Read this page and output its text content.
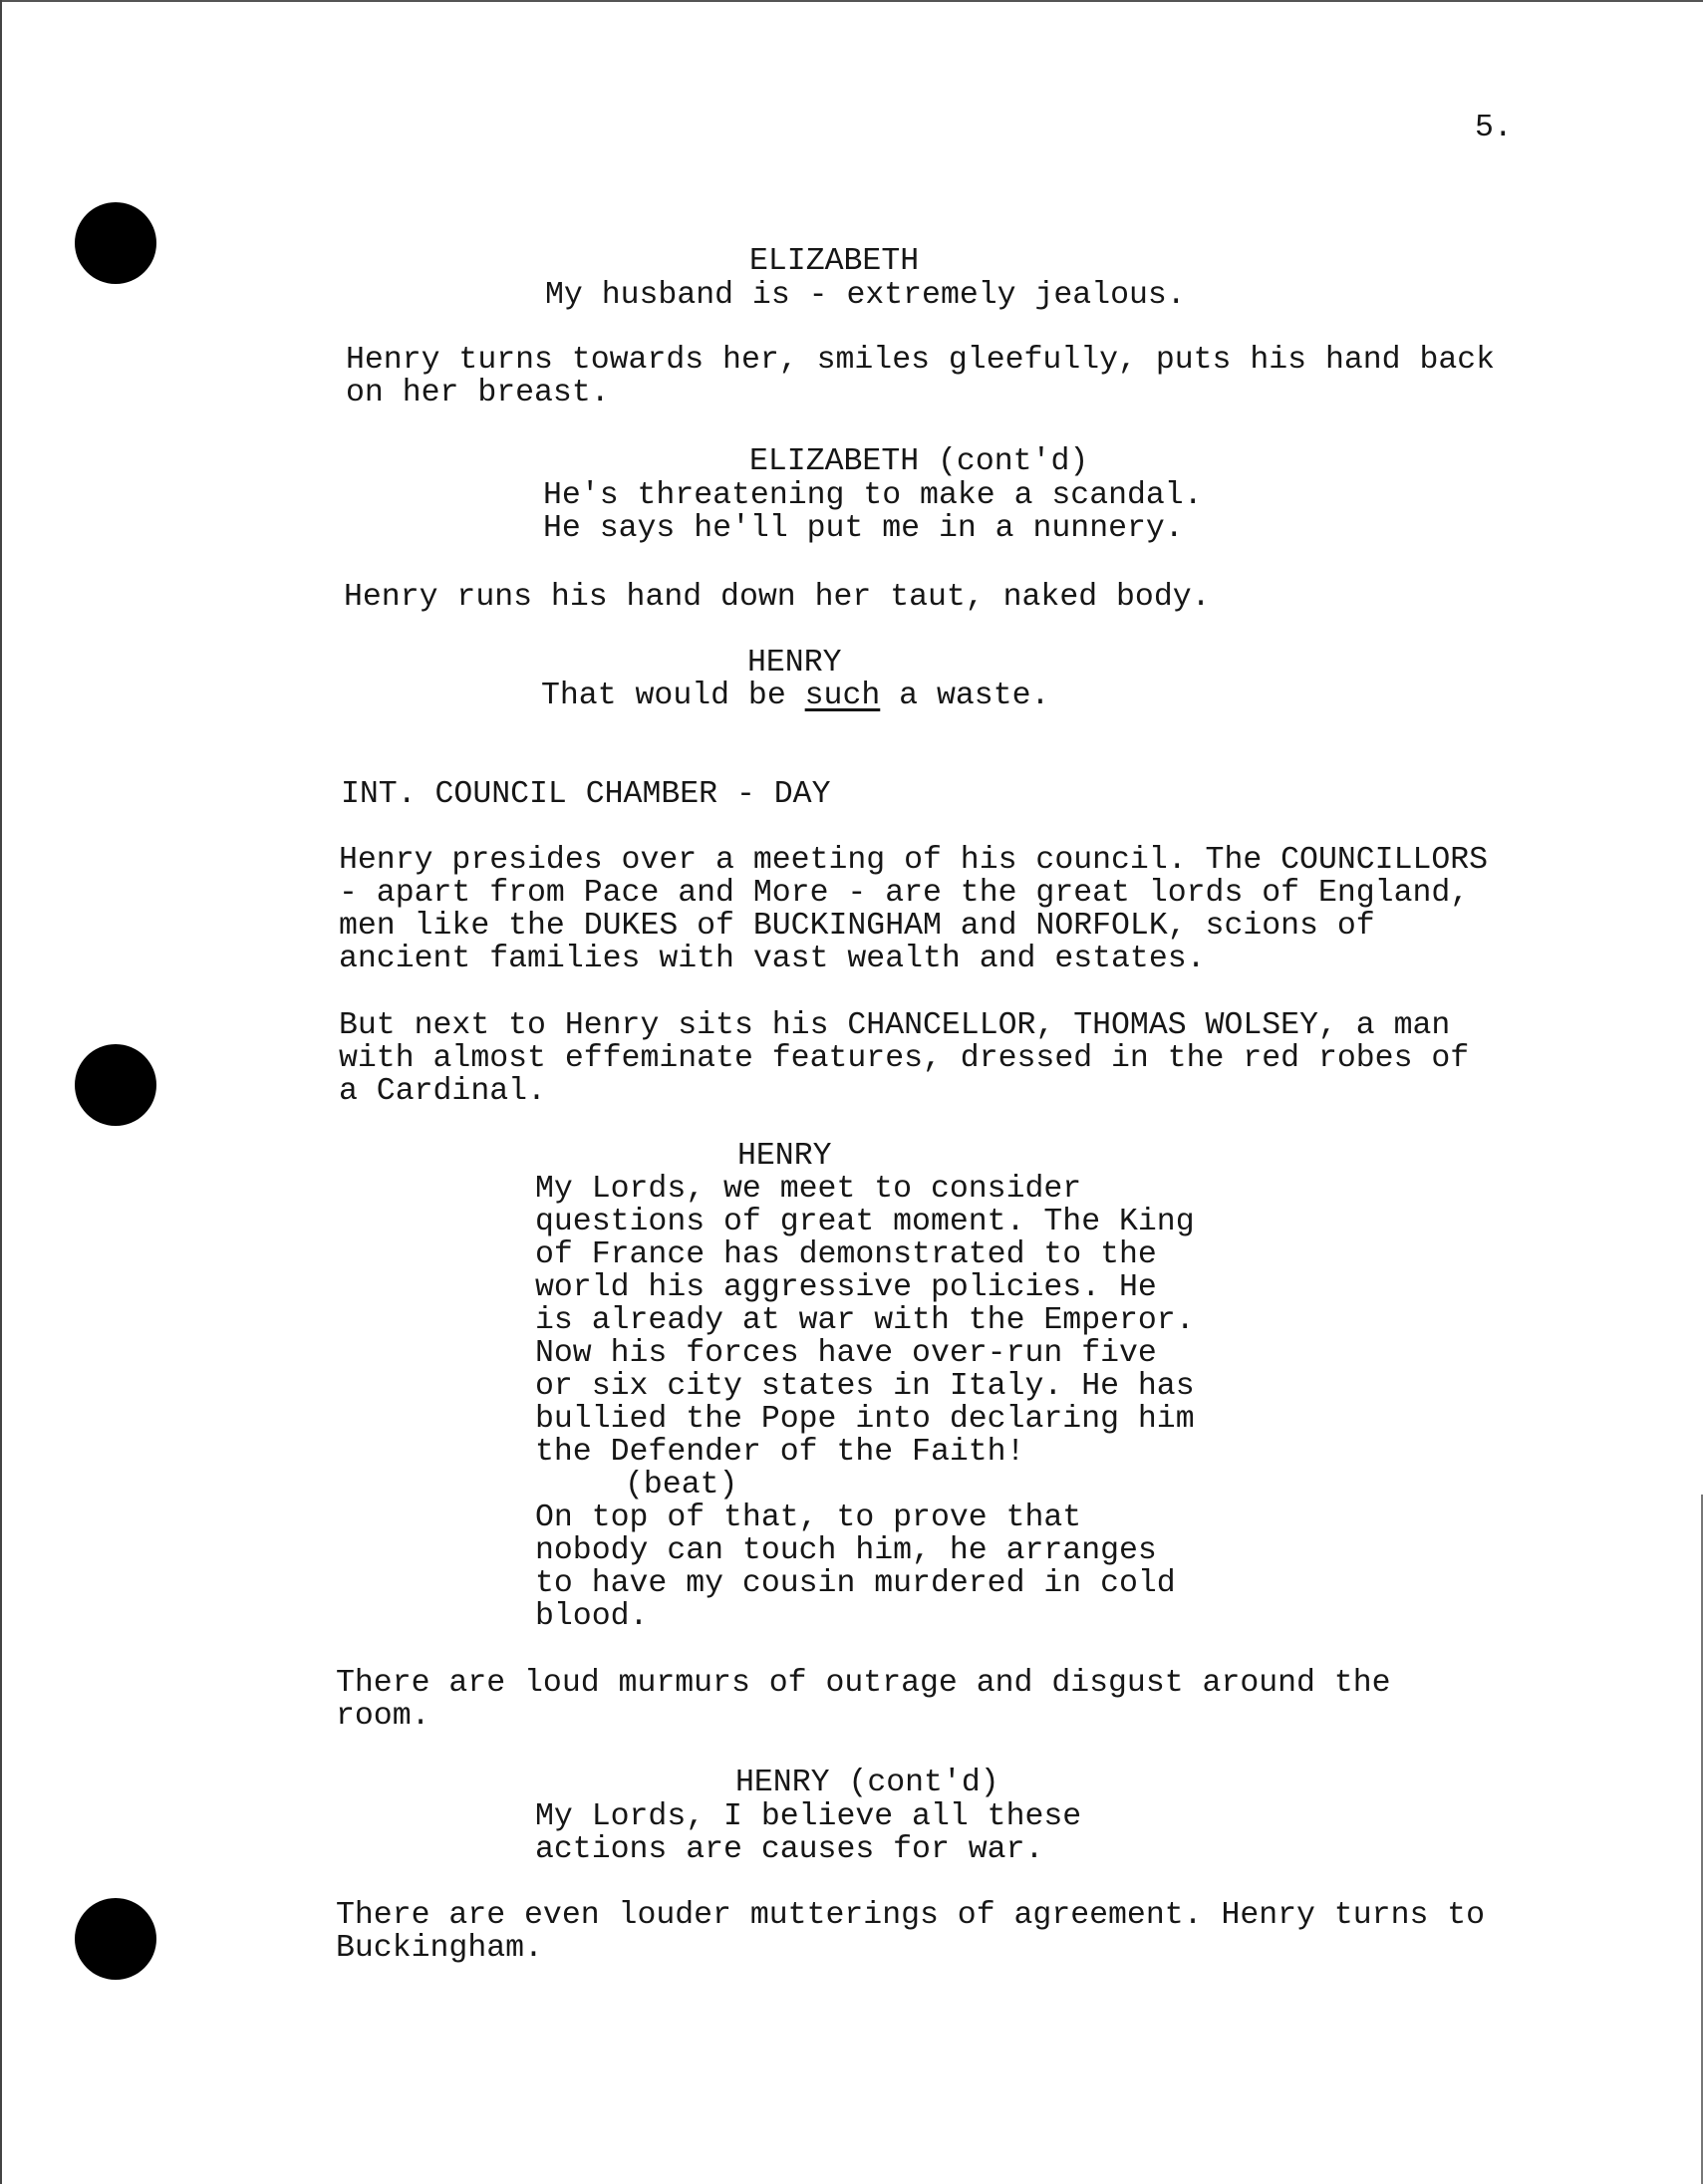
5.

ELIZABETH

My husband is - extremely jealous.

Henry turns towards her, smiles gleefully, puts his hand back
on her breast.

ELIZABETH (cont'd)

He's threatening to make a scandal.
He says he'll put me in a nunnery.

Henry runs his hand down her taut, naked body.

HENRY

That would be such a waste.

INT. COUNCIL CHAMBER - DAY

Henry presides over a meeting of his council. The COUNCILLORS
- apart from Pace and More - are the great lords of England,
men like the DUKES of BUCKINGHAM and NORFOLK, scions of
ancient families with vast wealth and estates.

But next to Henry sits his CHANCELLOR, THOMAS WOLSEY, a man
with almost effeminate features, dressed in the red robes of
a Cardinal.

HENRY

My Lords, we meet to consider
questions of great moment. The King
of France has demonstrated to the
world his aggressive policies. He
is already at war with the Emperor.
Now his forces have over-run five
or six city states in Italy. He has
bullied the Pope into declaring him
the Defender of the Faith!

(beat)

On top of that, to prove that
nobody can touch him, he arranges
to have my cousin murdered in cold
blood.

There are loud murmurs of outrage and disgust around the
room.

HENRY (cont'd)

My Lords, I believe all these
actions are causes for war.

There are even louder mutterings of agreement. Henry turns to
Buckingham.
